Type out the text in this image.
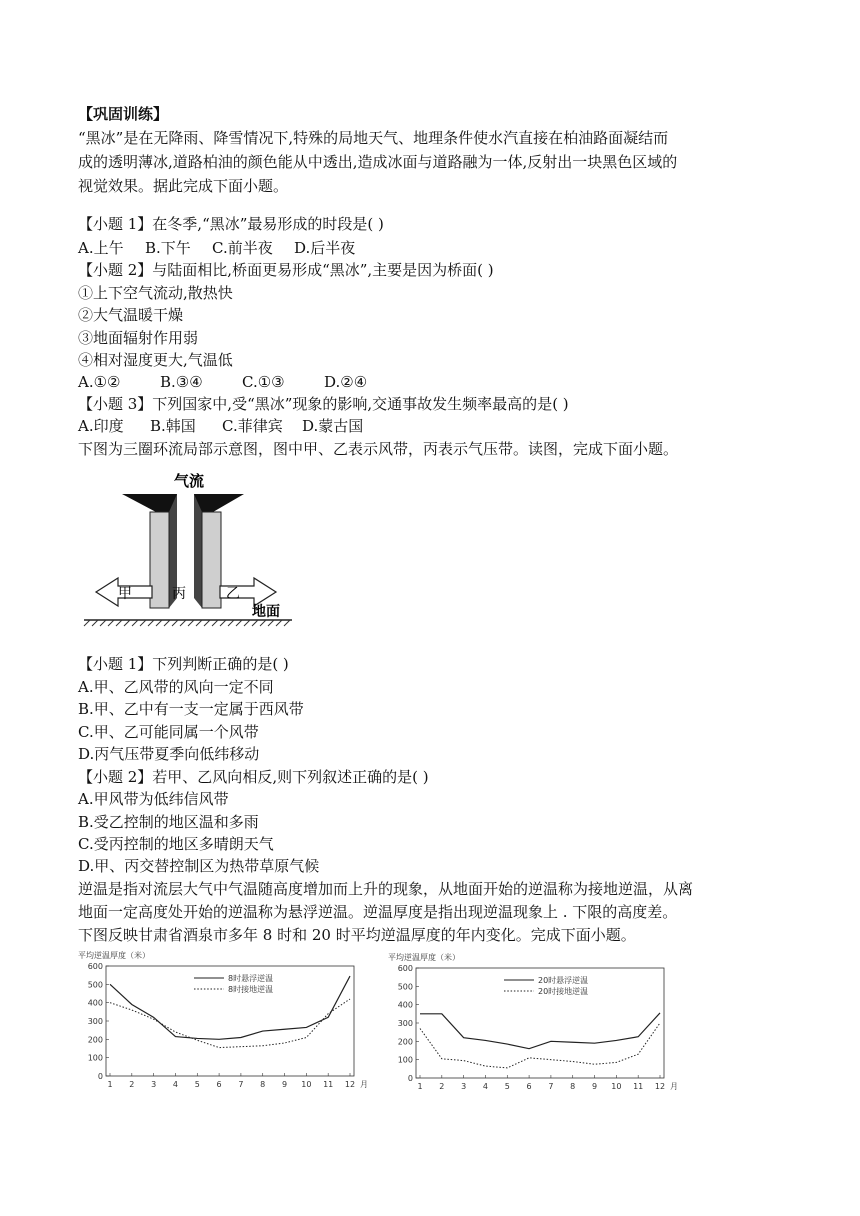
【巩固训练】
“黑冰”是在无降雨、降雪情况下,特殊的局地天气、地理条件使水汽直接在柏油路面凝结而
成的透明薄冰,道路柏油的颜色能从中透出,造成冰面与道路融为一体,反射出一块黑色区域的
视觉效果。据此完成下面小题。
【小题 1】在冬季,“黑冰”最易形成的时段是( )
A.上午 B.下午 C.前半夜 D.后半夜
【小题 2】与陆面相比,桥面更易形成“黑冰”,主要是因为桥面( )
①上下空气流动,散热快
②大气温暖干燥
③地面辐射作用弱
④相对湿度更大,气温低
A.①②	B.③④	C.①③	D.②④
【小题 3】下列国家中,受“黑冰”现象的影响,交通事故发生频率最高的是( )
A.印度 B.韩国 C.菲律宾 D.蒙古国
下图为三圈环流局部示意图，图中甲、乙表示风带，丙表示气压带。读图，完成下面小题。
气流
甲	丙	乙
地面
【小题 1】下列判断正确的是( )
A.甲、乙风带的风向一定不同
B.甲、乙中有一支一定属于西风带
C.甲、乙可能同属一个风带
D.丙气压带夏季向低纬移动
【小题 2】若甲、乙风向相反,则下列叙述正确的是( )
A.甲风带为低纬信风带
B.受乙控制的地区温和多雨
C.受丙控制的地区多晴朗天气
D.甲、丙交替控制区为热带草原气候
逆温是指对流层大气中气温随高度增加而上升的现象，从地面开始的逆温称为接地逆温，从离
地面一定高度处开始的逆温称为悬浮逆温。逆温厚度是指出现逆温现象上 . 下限的高度差。
下图反映甘肃省酒泉市多年 8 时和 20 时平均逆温厚度的年内变化。完成下面小题。
平均逆温厚度（米）
0
100
200
300
400
500
600
1 2 3 4 5 6 7 8 9 10 11 12 月
8时悬浮逆温
8时接地逆温
平均逆温厚度（米）
0
100
200
300
400
500
600
1 2 3 4 5 6 7 8 9 10 11 12 月
20时悬浮逆温
20时接地逆温
